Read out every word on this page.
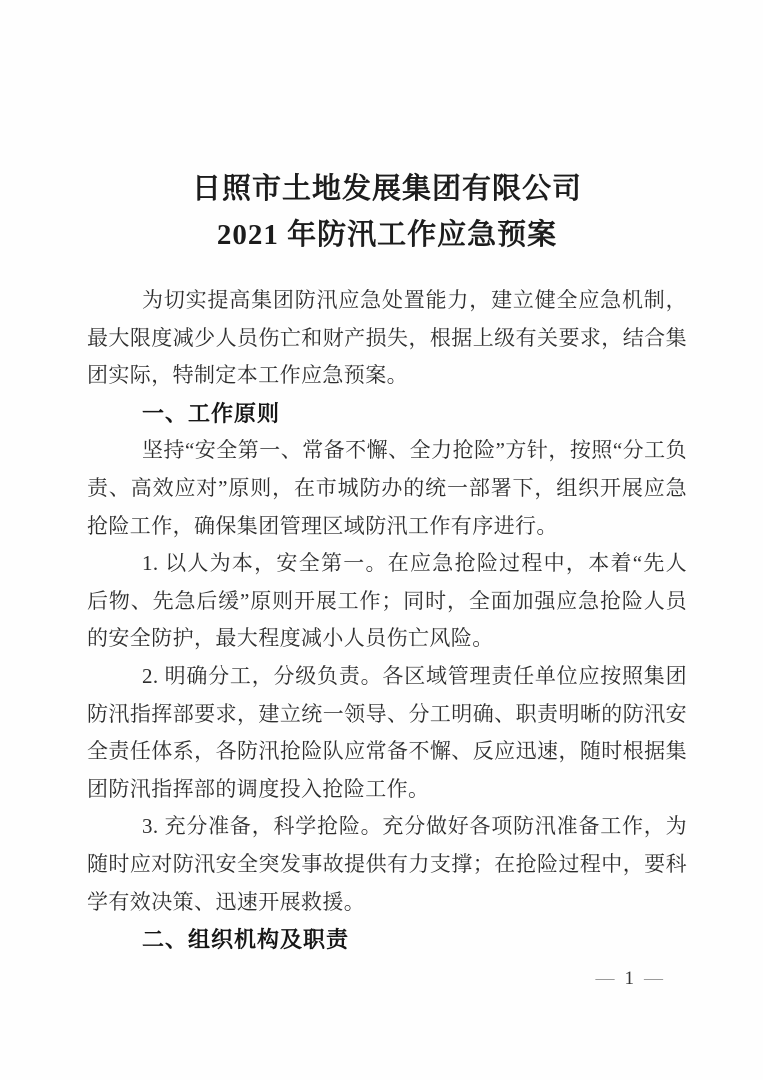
日照市土地发展集团有限公司
2021 年防汛工作应急预案

为切实提高集团防汛应急处置能力，建立健全应急机制，最大限度减少人员伤亡和财产损失，根据上级有关要求，结合集团实际，特制定本工作应急预案。

一、工作原则

坚持“安全第一、常备不懈、全力抢险”方针，按照“分工负责、高效应对”原则，在市城防办的统一部署下，组织开展应急抢险工作，确保集团管理区域防汛工作有序进行。

1. 以人为本，安全第一。在应急抢险过程中，本着“先人后物、先急后缓”原则开展工作；同时，全面加强应急抢险人员的安全防护，最大程度减小人员伤亡风险。

2. 明确分工，分级负责。各区域管理责任单位应按照集团防汛指挥部要求，建立统一领导、分工明确、职责明晰的防汛安全责任体系，各防汛抢险队应常备不懈、反应迅速，随时根据集团防汛指挥部的调度投入抢险工作。

3. 充分准备，科学抢险。充分做好各项防汛准备工作，为随时应对防汛安全突发事故提供有力支撑；在抢险过程中，要科学有效决策、迅速开展救援。

二、组织机构及职责

— 1 —
